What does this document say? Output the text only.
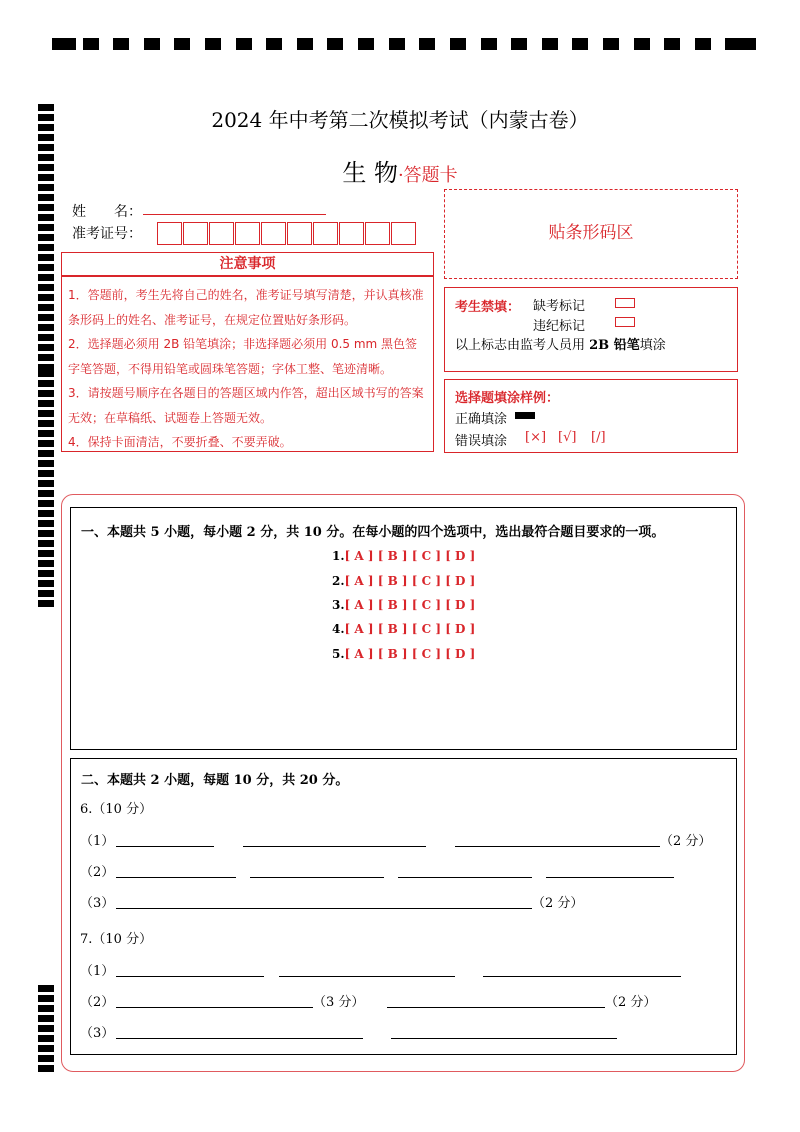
2024 年中考第二次模拟考试（内蒙古卷）
生 物·答题卡
姓　　名：
准考证号：
注意事项

1．答题前，考生先将自己的姓名，准考证号填写清楚，并认真核准条形码上的姓名、准考证号，在规定位置贴好条形码。

2．选择题必须用 2B 铅笔填涂；非选择题必须用 0.5 mm 黑色签字笔答题，不得用铅笔或圆珠笔答题；字体工整、笔迹清晰。

3．请按题号顺序在各题目的答题区域内作答，超出区域书写的答案无效；在草稿纸、试题卷上答题无效。

4．保持卡面清洁，不要折叠、不要弄破。

贴条形码区
考生禁填： 缺考标记
违纪标记
以上标志由监考人员用 2B 铅笔填涂
选择题填涂样例：
正确填涂
错误填涂 [×] [√] [/]
一、本题共 5 小题，每小题 2 分，共 10 分。在每小题的四个选项中，选出最符合题目要求的一项。
1.[ A ] [ B ] [ C ] [ D ]
2.[ A ] [ B ] [ C ] [ D ]
3.[ A ] [ B ] [ C ] [ D ]
4.[ A ] [ B ] [ C ] [ D ]
5.[ A ] [ B ] [ C ] [ D ]
二、本题共 2 小题，每题 10 分，共 20 分。
6.（10 分）
（1）	（2 分）
（2）
（3）	（2 分）
7.（10 分）
（1）
（2）	（3 分）	（2 分）
（3）
